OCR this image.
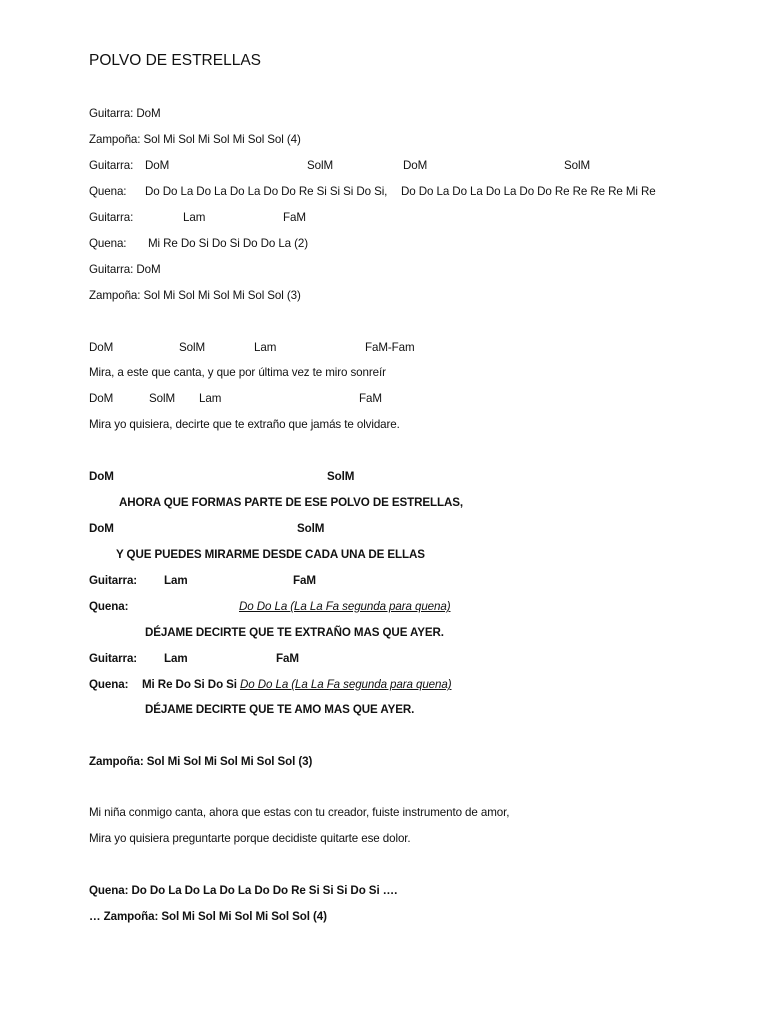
POLVO DE ESTRELLAS
Guitarra: DoM
Zampoña: Sol Mi Sol Mi Sol Mi Sol Sol (4)
Guitarra: DoM	SolM	DoM	SolM
Quena: Do Do La Do La Do La Do Do Re Si Si Si Do Si, Do Do La Do La Do La Do Do Re Re Re Re Mi Re
Guitarra:	Lam	FaM
Quena: Mi Re Do Si Do Si Do Do La (2)
Guitarra: DoM
Zampoña: Sol Mi Sol Mi Sol Mi Sol Sol (3)
DoM	SolM	Lam	FaM-Fam
Mira, a este que canta, y que por última vez te miro sonreír
DoM	SolM Lam	FaM
Mira yo quisiera, decirte que te extraño que jamás te olvidare.
DoM	SolM
AHORA QUE FORMAS PARTE DE ESE POLVO DE ESTRELLAS,
DoM	SolM
Y QUE PUEDES MIRARME DESDE CADA UNA DE ELLAS
Guitarra: Lam	FaM
Quena:	Do Do La (La La Fa segunda para quena)
DÉJAME DECIRTE QUE TE EXTRAÑO MAS QUE AYER.
Guitarra: Lam	FaM
Quena: Mi Re Do Si Do Si Do Do La (La La Fa segunda para quena)
DÉJAME DECIRTE QUE TE AMO MAS QUE AYER.
Zampoña: Sol Mi Sol Mi Sol Mi Sol Sol (3)
Mi niña conmigo canta, ahora que estas con tu creador, fuiste instrumento de amor,
Mira yo quisiera preguntarte porque decidiste quitarte ese dolor.
Quena: Do Do La Do La Do La Do Do Re Si Si Si Do Si ….
… Zampoña: Sol Mi Sol Mi Sol Mi Sol Sol (4)
